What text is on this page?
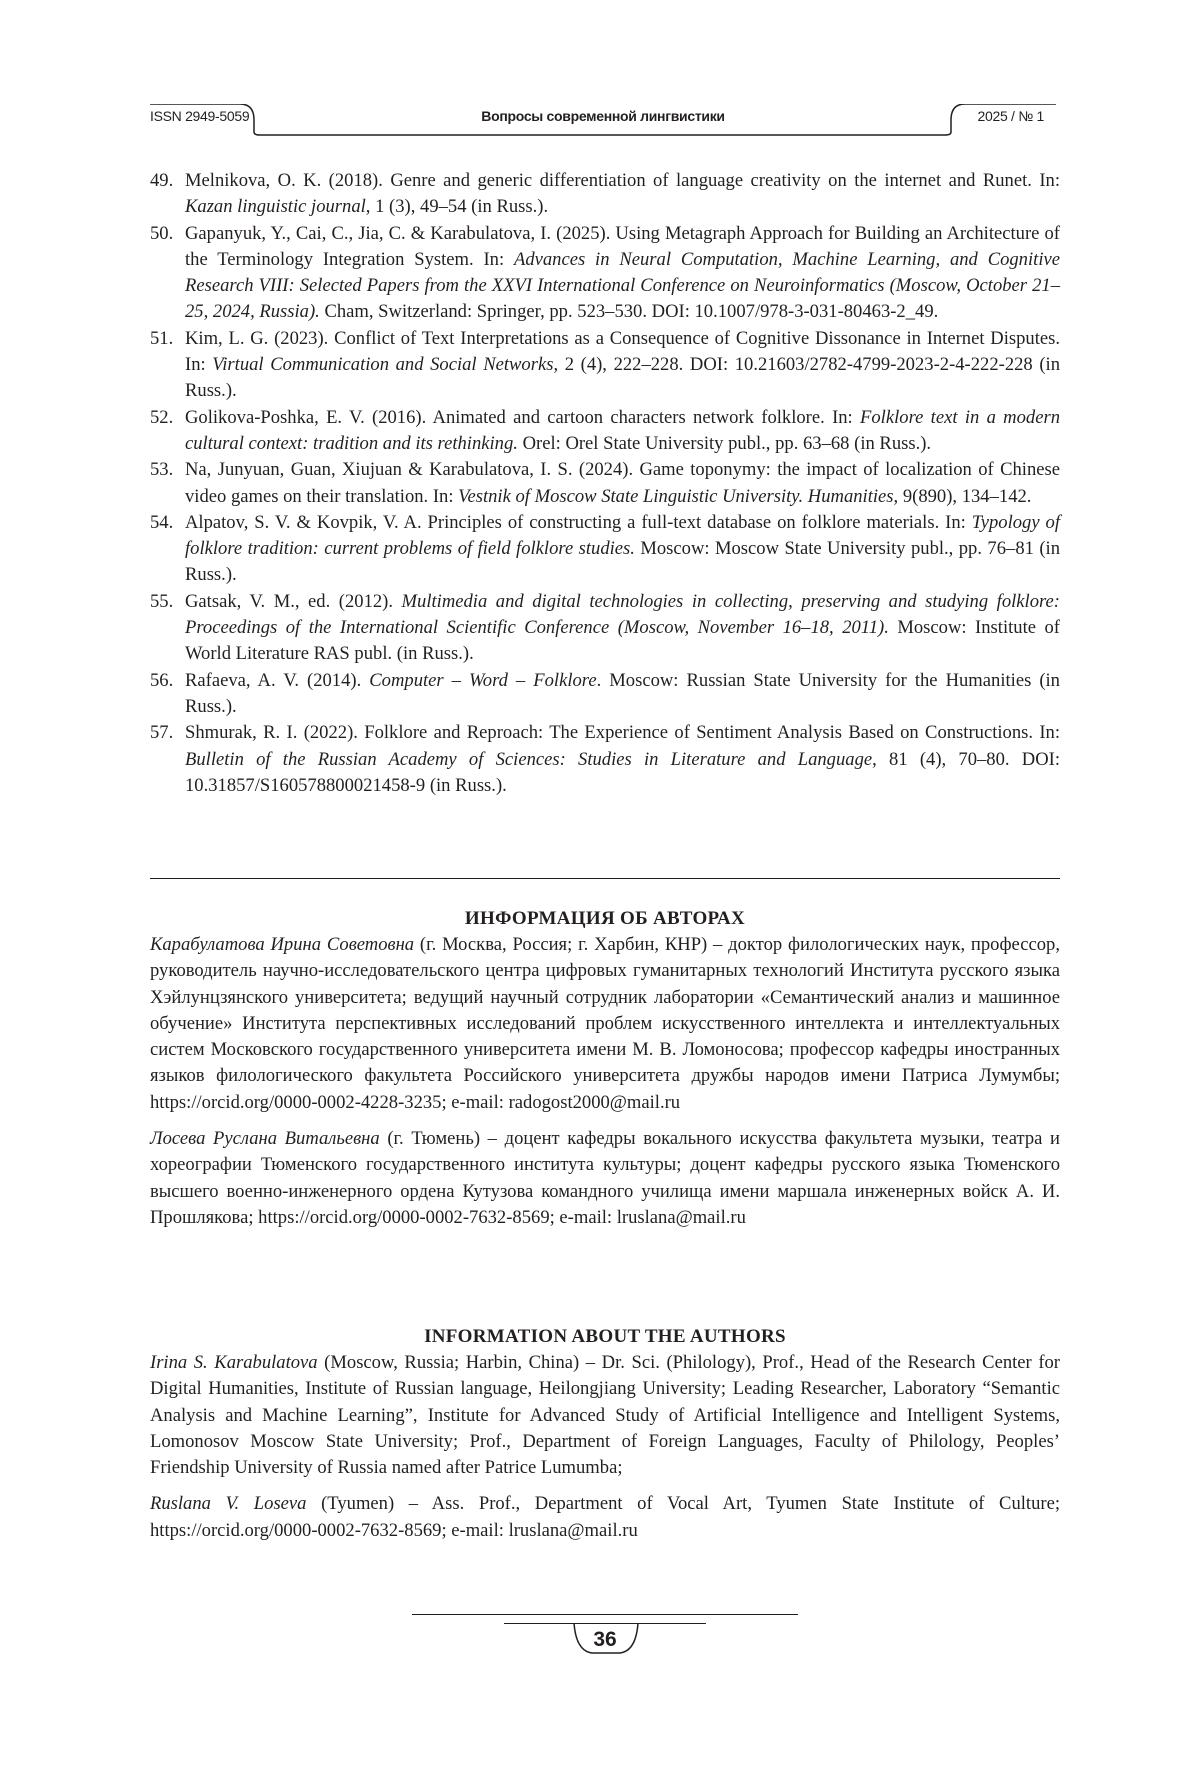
ISSN 2949-5059	Вопросы современной лингвистики	2025 / № 1
49. Melnikova, O. K. (2018). Genre and generic differentiation of language creativity on the internet and Runet. In: Kazan linguistic journal, 1 (3), 49–54 (in Russ.).
50. Gapanyuk, Y., Cai, C., Jia, C. & Karabulatova, I. (2025). Using Metagraph Approach for Building an Architecture of the Terminology Integration System. In: Advances in Neural Computation, Machine Learning, and Cognitive Research VIII: Selected Papers from the XXVI International Conference on Neuroinformatics (Moscow, October 21–25, 2024, Russia). Cham, Switzerland: Springer, pp. 523–530. DOI: 10.1007/978-3-031-80463-2_49.
51. Kim, L. G. (2023). Conflict of Text Interpretations as a Consequence of Cognitive Dissonance in Internet Disputes. In: Virtual Communication and Social Networks, 2 (4), 222–228. DOI: 10.21603/2782-4799-2023-2-4-222-228 (in Russ.).
52. Golikova-Poshka, E. V. (2016). Animated and cartoon characters network folklore. In: Folklore text in a modern cultural context: tradition and its rethinking. Orel: Orel State University publ., pp. 63–68 (in Russ.).
53. Na, Junyuan, Guan, Xiujuan & Karabulatova, I. S. (2024). Game toponymy: the impact of localization of Chinese video games on their translation. In: Vestnik of Moscow State Linguistic University. Humanities, 9(890), 134–142.
54. Alpatov, S. V. & Kovpik, V. A. Principles of constructing a full-text database on folklore materials. In: Typology of folklore tradition: current problems of field folklore studies. Moscow: Moscow State University publ., pp. 76–81 (in Russ.).
55. Gatsak, V. M., ed. (2012). Multimedia and digital technologies in collecting, preserving and studying folklore: Proceedings of the International Scientific Conference (Moscow, November 16–18, 2011). Moscow: Institute of World Literature RAS publ. (in Russ.).
56. Rafaeva, A. V. (2014). Computer – Word – Folklore. Moscow: Russian State University for the Humanities (in Russ.).
57. Shmurak, R. I. (2022). Folklore and Reproach: The Experience of Sentiment Analysis Based on Constructions. In: Bulletin of the Russian Academy of Sciences: Studies in Literature and Language, 81 (4), 70–80. DOI: 10.31857/S160578800021458-9 (in Russ.).
ИНФОРМАЦИЯ ОБ АВТОРАХ

Карабулатова Ирина Советовна (г. Москва, Россия; г. Харбин, КНР) – доктор филологических наук, профессор, руководитель научно-исследовательского центра цифровых гуманитарных технологий Института русского языка Хэйлунцзянского университета; ведущий научный сотрудник лаборатории «Семантический анализ и машинное обучение» Института перспективных исследований проблем искусственного интеллекта и интеллектуальных систем Московского государственного университета имени М. В. Ломоносова; профессор кафедры иностранных языков филологического факультета Российского университета дружбы народов имени Патриса Лумумбы; https://orcid.org/0000-0002-4228-3235; e-mail: radogost2000@mail.ru

Лосева Руслана Витальевна (г. Тюмень) – доцент кафедры вокального искусства факультета музыки, театра и хореографии Тюменского государственного института культуры; доцент кафедры русского языка Тюменского высшего военно-инженерного ордена Кутузова командного училища имени маршала инженерных войск А. И. Прошлякова; https://orcid.org/0000-0002-7632-8569; e-mail: lruslana@mail.ru

INFORMATION ABOUT THE AUTHORS

Irina S. Karabulatova (Moscow, Russia; Harbin, China) – Dr. Sci. (Philology), Prof., Head of the Research Center for Digital Humanities, Institute of Russian language, Heilongjiang University; Leading Researcher, Laboratory “Semantic Analysis and Machine Learning”, Institute for Advanced Study of Artificial Intelligence and Intelligent Systems, Lomonosov Moscow State University; Prof., Department of Foreign Languages, Faculty of Philology, Peoples’ Friendship University of Russia named after Patrice Lumumba;

Ruslana V. Loseva (Tyumen) – Ass. Prof., Department of Vocal Art, Tyumen State Institute of Culture; https://orcid.org/0000-0002-7632-8569; e-mail: lruslana@mail.ru

36
